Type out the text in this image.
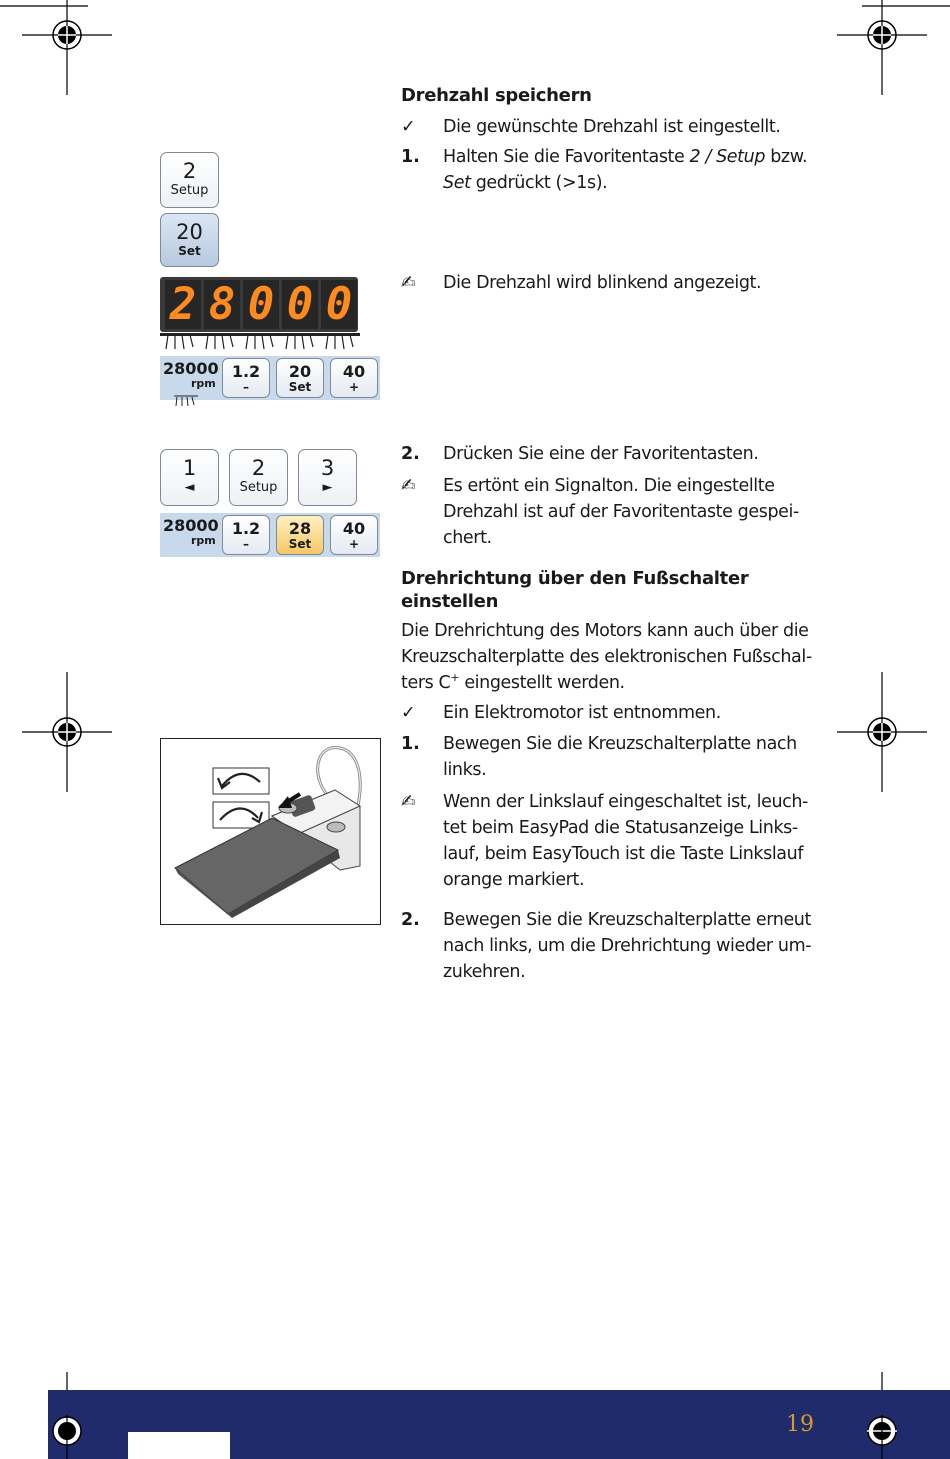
2
Setup
20
Set
2 8 0 0 0
28000
rpm
1.2
–
20
Set
40
+
1
◄
2
Setup
3
►
28000
rpm
1.2
–
28
Set
40
+
Drehzahl speichern
✓	Die gewünschte Drehzahl ist eingestellt.
1.	Halten Sie die Favoritentaste 2 / Setup bzw.
Set gedrückt (>1s).
✍	Die Drehzahl wird blinkend angezeigt.
2.	Drücken Sie eine der Favoritentasten.
✍	Es ertönt ein Signalton. Die eingestellte
Drehzahl ist auf der Favoritentaste gespei-
chert.
Drehrichtung über den Fußschalter
einstellen
Die Drehrichtung des Motors kann auch über die
Kreuzschalterplatte des elektronischen Fußschal-
ters C+ eingestellt werden.
✓	Ein Elektromotor ist entnommen.
1.	Bewegen Sie die Kreuzschalterplatte nach
links.
✍	Wenn der Linkslauf eingeschaltet ist, leuch-
tet beim EasyPad die Statusanzeige Links-
lauf, beim EasyTouch ist die Taste Linkslauf
orange markiert.
2.	Bewegen Sie die Kreuzschalterplatte erneut
nach links, um die Drehrichtung wieder um-
zukehren.
19
